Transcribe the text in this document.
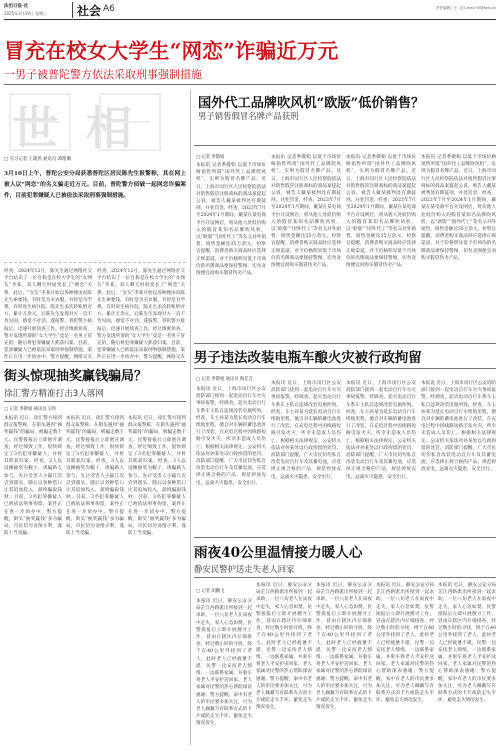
法治日报·社
2025年3月19日 星期三 社会 A6	责任编辑 / 王 飞 E-mail: fz@fzrb.cn
冒充在校女大学生“网恋”诈骗近万元
一男子被普陀警方依法采取刑事强制措施
世相
□ 见习记者 王葳然 通讯员 谭理璐
3月10日上午，普陀公安分局获悉普陀区居民陈先生报警称，其在网上被人以“网恋”的名义骗走近万元。目前，普陀警方侦破一起网恋诈骗案件，目前犯罪嫌疑人已被依法采取刑事强制措施。
经查，2024年12月，陈先生通过网络社交平台结识了一位自称是在校大学生的“女网友”李某，双人聊天时间变长了“网恋”关系。此后，“女友”李某开始以各种理由向陈先生索要钱，有时是为买衣服、有时是为学费、有时说生病住院，陈先生多次转账给对方，累计万余元。后陈先生发现对方一直不肯见面，感觉不对劲，遂报警。普陀警方接报后，迅速开展侦查工作。经过缜密侦查，警方发现所谓的“女大学生”竟是一名男子冒充的，随后将犯罪嫌疑人抓获归案。目前，犯罪嫌疑人已被依法采取刑事强制措施，案件正在进一步侦办中。警方提醒，网络交友
经查，2024年12月，陈先生通过网络社交平台结识了一位自称是在校大学生的“女网友”李某，双人聊天时间变长了“网恋”关系。此后，“女友”李某开始以各种理由向陈先生索要钱，有时是为买衣服、有时是为学费、有时说生病住院，陈先生多次转账给对方，累计万余元。后陈先生发现对方一直不肯见面，感觉不对劲，遂报警。普陀警方接报后，迅速开展侦查工作。经过缜密侦查，警方发现所谓的“女大学生”竟是一名男子冒充的，随后将犯罪嫌疑人抓获归案。目前，犯罪嫌疑人已被依法采取刑事强制措施，案件正在进一步侦办中。警方提醒，网络交友
街头惊现抽奖赢钱骗局？
徐汇警方精准打击3人落网
□ 记者 季敬娟 通讯员 吴昕
本报讯 近日，徐汇警方接到群众报警称，在街头遇到“抽奖赢钱”的骗局，被骗走数千元。民警接报后立即展开调查，经过细致工作，很快锁定了3名犯罪嫌疑人，并将其抓获归案。经查，3人以设摊抽奖为幌子，诱骗路人参与，先让受害人小赢几次尝到甜头，随后以各种借口让其追加投入，最终骗取钱财。目前，3名犯罪嫌疑人已被依法刑事拘留，案件正在进一步侦办中。警方提醒，街头“抽奖赢钱”多为骗局，市民切勿贪图小利，谨防上当受骗。
本报讯 近日，徐汇警方接到群众报警称，在街头遇到“抽奖赢钱”的骗局，被骗走数千元。民警接报后立即展开调查，经过细致工作，很快锁定了3名犯罪嫌疑人，并将其抓获归案。经查，3人以设摊抽奖为幌子，诱骗路人参与，先让受害人小赢几次尝到甜头，随后以各种借口让其追加投入，最终骗取钱财。目前，3名犯罪嫌疑人已被依法刑事拘留，案件正在进一步侦办中。警方提醒，街头“抽奖赢钱”多为骗局，市民切勿贪图小利，谨防上当受骗。
本报讯 近日，徐汇警方接到群众报警称，在街头遇到“抽奖赢钱”的骗局，被骗走数千元。民警接报后立即展开调查，经过细致工作，很快锁定了3名犯罪嫌疑人，并将其抓获归案。经查，3人以设摊抽奖为幌子，诱骗路人参与，先让受害人小赢几次尝到甜头，随后以各种借口让其追加投入，最终骗取钱财。目前，3名犯罪嫌疑人已被依法刑事拘留，案件正在进一步侦办中。警方提醒，街头“抽奖赢钱”多为骗局，市民切勿贪图小利，谨防上当受骗。
国外代工品牌吹风机“欧版”低价销售？
男子销售假冒名牌产品获刑
□ 记者 季敬娟
本报讯 记者季敬娟 以低于市场价格销售所谓“国外代工品牌吹风机”，实则为假冒名牌产品。近日，上海市闵行区人民检察院依法对销售假冒注册商标的商品案提起公诉，被告人戴某被判处有期徒刑，并处罚金。经查，2023年7月至2024年1月期间，戴某在某电商平台开设网店，将从他人处低价购入的假冒某知名品牌吹风机，以“欧版”“国外代工”等名义对外销售，销售金额达35万余元。检察官提醒，消费者购买商品时应选择正规渠道，对于价格明显低于市场价的名牌商品要保持警惕，切勿贪图便宜而购买假冒伪劣产品。
本报讯 记者季敬娟 以低于市场价格销售所谓“国外代工品牌吹风机”，实则为假冒名牌产品。近日，上海市闵行区人民检察院依法对销售假冒注册商标的商品案提起公诉，被告人戴某被判处有期徒刑，并处罚金。经查，2023年7月至2024年1月期间，戴某在某电商平台开设网店，将从他人处低价购入的假冒某知名品牌吹风机，以“欧版”“国外代工”等名义对外销售，销售金额达35万余元。检察官提醒，消费者购买商品时应选择正规渠道，对于价格明显低于市场价的名牌商品要保持警惕，切勿贪图便宜而购买假冒伪劣产品。
本报讯 记者季敬娟 以低于市场价格销售所谓“国外代工品牌吹风机”，实则为假冒名牌产品。近日，上海市闵行区人民检察院依法对销售假冒注册商标的商品案提起公诉，被告人戴某被判处有期徒刑，并处罚金。经查，2023年7月至2024年1月期间，戴某在某电商平台开设网店，将从他人处低价购入的假冒某知名品牌吹风机，以“欧版”“国外代工”等名义对外销售，销售金额达35万余元。检察官提醒，消费者购买商品时应选择正规渠道，对于价格明显低于市场价的名牌商品要保持警惕，切勿贪图便宜而购买假冒伪劣产品。
本报讯 记者季敬娟 以低于市场价格销售所谓“国外代工品牌吹风机”，实则为假冒名牌产品。近日，上海市闵行区人民检察院依法对销售假冒注册商标的商品案提起公诉，被告人戴某被判处有期徒刑，并处罚金。经查，2023年7月至2024年1月期间，戴某在某电商平台开设网店，将从他人处低价购入的假冒某知名品牌吹风机，以“欧版”“国外代工”等名义对外销售，销售金额达35万余元。检察官提醒，消费者购买商品时应选择正规渠道，对于价格明显低于市场价的名牌商品要保持警惕，切勿贪图便宜而购买假冒伪劣产品。
男子违法改装电瓶车酿火灾被行政拘留
□ 记者 季敬娟 通讯员 陶佳音
本报讯 近日，上海市闵行区公安消防部门接到一起电动自行车火灾事故报警。经调查，起火电动自行车系车主私自违规改装电瓶所致。经查，车主孙某为延长电动自行车续航里程，擅自对车辆的蓄电池进行了改装，在充电过程中因线路短路引发火灾，所幸未造成人员伤亡。根据相关法律规定，公安机关依法对孙某处以行政拘留的处罚。消防部门提醒，广大市民切勿私自改装电动自行车及其蓄电池，应选择正规合格的产品，规范停放充电，远离火灾隐患，安全出行。
本报讯 近日，上海市闵行区公安消防部门接到一起电动自行车火灾事故报警。经调查，起火电动自行车系车主私自违规改装电瓶所致。经查，车主孙某为延长电动自行车续航里程，擅自对车辆的蓄电池进行了改装，在充电过程中因线路短路引发火灾，所幸未造成人员伤亡。根据相关法律规定，公安机关依法对孙某处以行政拘留的处罚。消防部门提醒，广大市民切勿私自改装电动自行车及其蓄电池，应选择正规合格的产品，规范停放充电，远离火灾隐患，安全出行。
本报讯 近日，上海市闵行区公安消防部门接到一起电动自行车火灾事故报警。经调查，起火电动自行车系车主私自违规改装电瓶所致。经查，车主孙某为延长电动自行车续航里程，擅自对车辆的蓄电池进行了改装，在充电过程中因线路短路引发火灾，所幸未造成人员伤亡。根据相关法律规定，公安机关依法对孙某处以行政拘留的处罚。消防部门提醒，广大市民切勿私自改装电动自行车及其蓄电池，应选择正规合格的产品，规范停放充电，远离火灾隐患，安全出行。
本报讯 近日，上海市闵行区公安消防部门接到一起电动自行车火灾事故报警。经调查，起火电动自行车系车主私自违规改装电瓶所致。经查，车主孙某为延长电动自行车续航里程，擅自对车辆的蓄电池进行了改装，在充电过程中因线路短路引发火灾，所幸未造成人员伤亡。根据相关法律规定，公安机关依法对孙某处以行政拘留的处罚。消防部门提醒，广大市民切勿私自改装电动自行车及其蓄电池，应选择正规合格的产品，规范停放充电，远离火灾隐患，安全出行。
雨夜40公里温情接力暖人心
静安民警护送走失老人回家
□ 记者 胡鹏飞
本报讯 近日，静安公安分局芷江西路派出所接到一起求助，一位八旬老人在雨夜中走失，家人心急如焚。民警接报后立即开展搜寻工作，冒雨在辖区内仔细排查，经过数小时的寻找，终于在40公里外找到了老人。此时老人已经疲惫不堪，民警一边安抚老人情绪，一边联系家属，并驱车将老人平安护送回家。老人家属对民警的热心帮助深表感谢。警方提醒，家中有老人的市民要多加关注，可为老人佩戴写有联系方式的卡片或防走失手环，避免走失情况发生。
本报讯 近日，静安公安分局芷江西路派出所接到一起求助，一位八旬老人在雨夜中走失，家人心急如焚。民警接报后立即开展搜寻工作，冒雨在辖区内仔细排查，经过数小时的寻找，终于在40公里外找到了老人。此时老人已经疲惫不堪，民警一边安抚老人情绪，一边联系家属，并驱车将老人平安护送回家。老人家属对民警的热心帮助深表感谢。警方提醒，家中有老人的市民要多加关注，可为老人佩戴写有联系方式的卡片或防走失手环，避免走失情况发生。
本报讯 近日，静安公安分局芷江西路派出所接到一起求助，一位八旬老人在雨夜中走失，家人心急如焚。民警接报后立即开展搜寻工作，冒雨在辖区内仔细排查，经过数小时的寻找，终于在40公里外找到了老人。此时老人已经疲惫不堪，民警一边安抚老人情绪，一边联系家属，并驱车将老人平安护送回家。老人家属对民警的热心帮助深表感谢。警方提醒，家中有老人的市民要多加关注，可为老人佩戴写有联系方式的卡片或防走失手环，避免走失情况发生。
本报讯 近日，静安公安分局芷江西路派出所接到一起求助，一位八旬老人在雨夜中走失，家人心急如焚。民警接报后立即开展搜寻工作，冒雨在辖区内仔细排查，经过数小时的寻找，终于在40公里外找到了老人。此时老人已经疲惫不堪，民警一边安抚老人情绪，一边联系家属，并驱车将老人平安护送回家。老人家属对民警的热心帮助深表感谢。警方提醒，家中有老人的市民要多加关注，可为老人佩戴写有联系方式的卡片或防走失手环，避免走失情况发生。
本报讯 近日，静安公安分局芷江西路派出所接到一起求助，一位八旬老人在雨夜中走失，家人心急如焚。民警接报后立即开展搜寻工作，冒雨在辖区内仔细排查，经过数小时的寻找，终于在40公里外找到了老人。此时老人已经疲惫不堪，民警一边安抚老人情绪，一边联系家属，并驱车将老人平安护送回家。老人家属对民警的热心帮助深表感谢。警方提醒，家中有老人的市民要多加关注，可为老人佩戴写有联系方式的卡片或防走失手环，避免走失情况发生。
